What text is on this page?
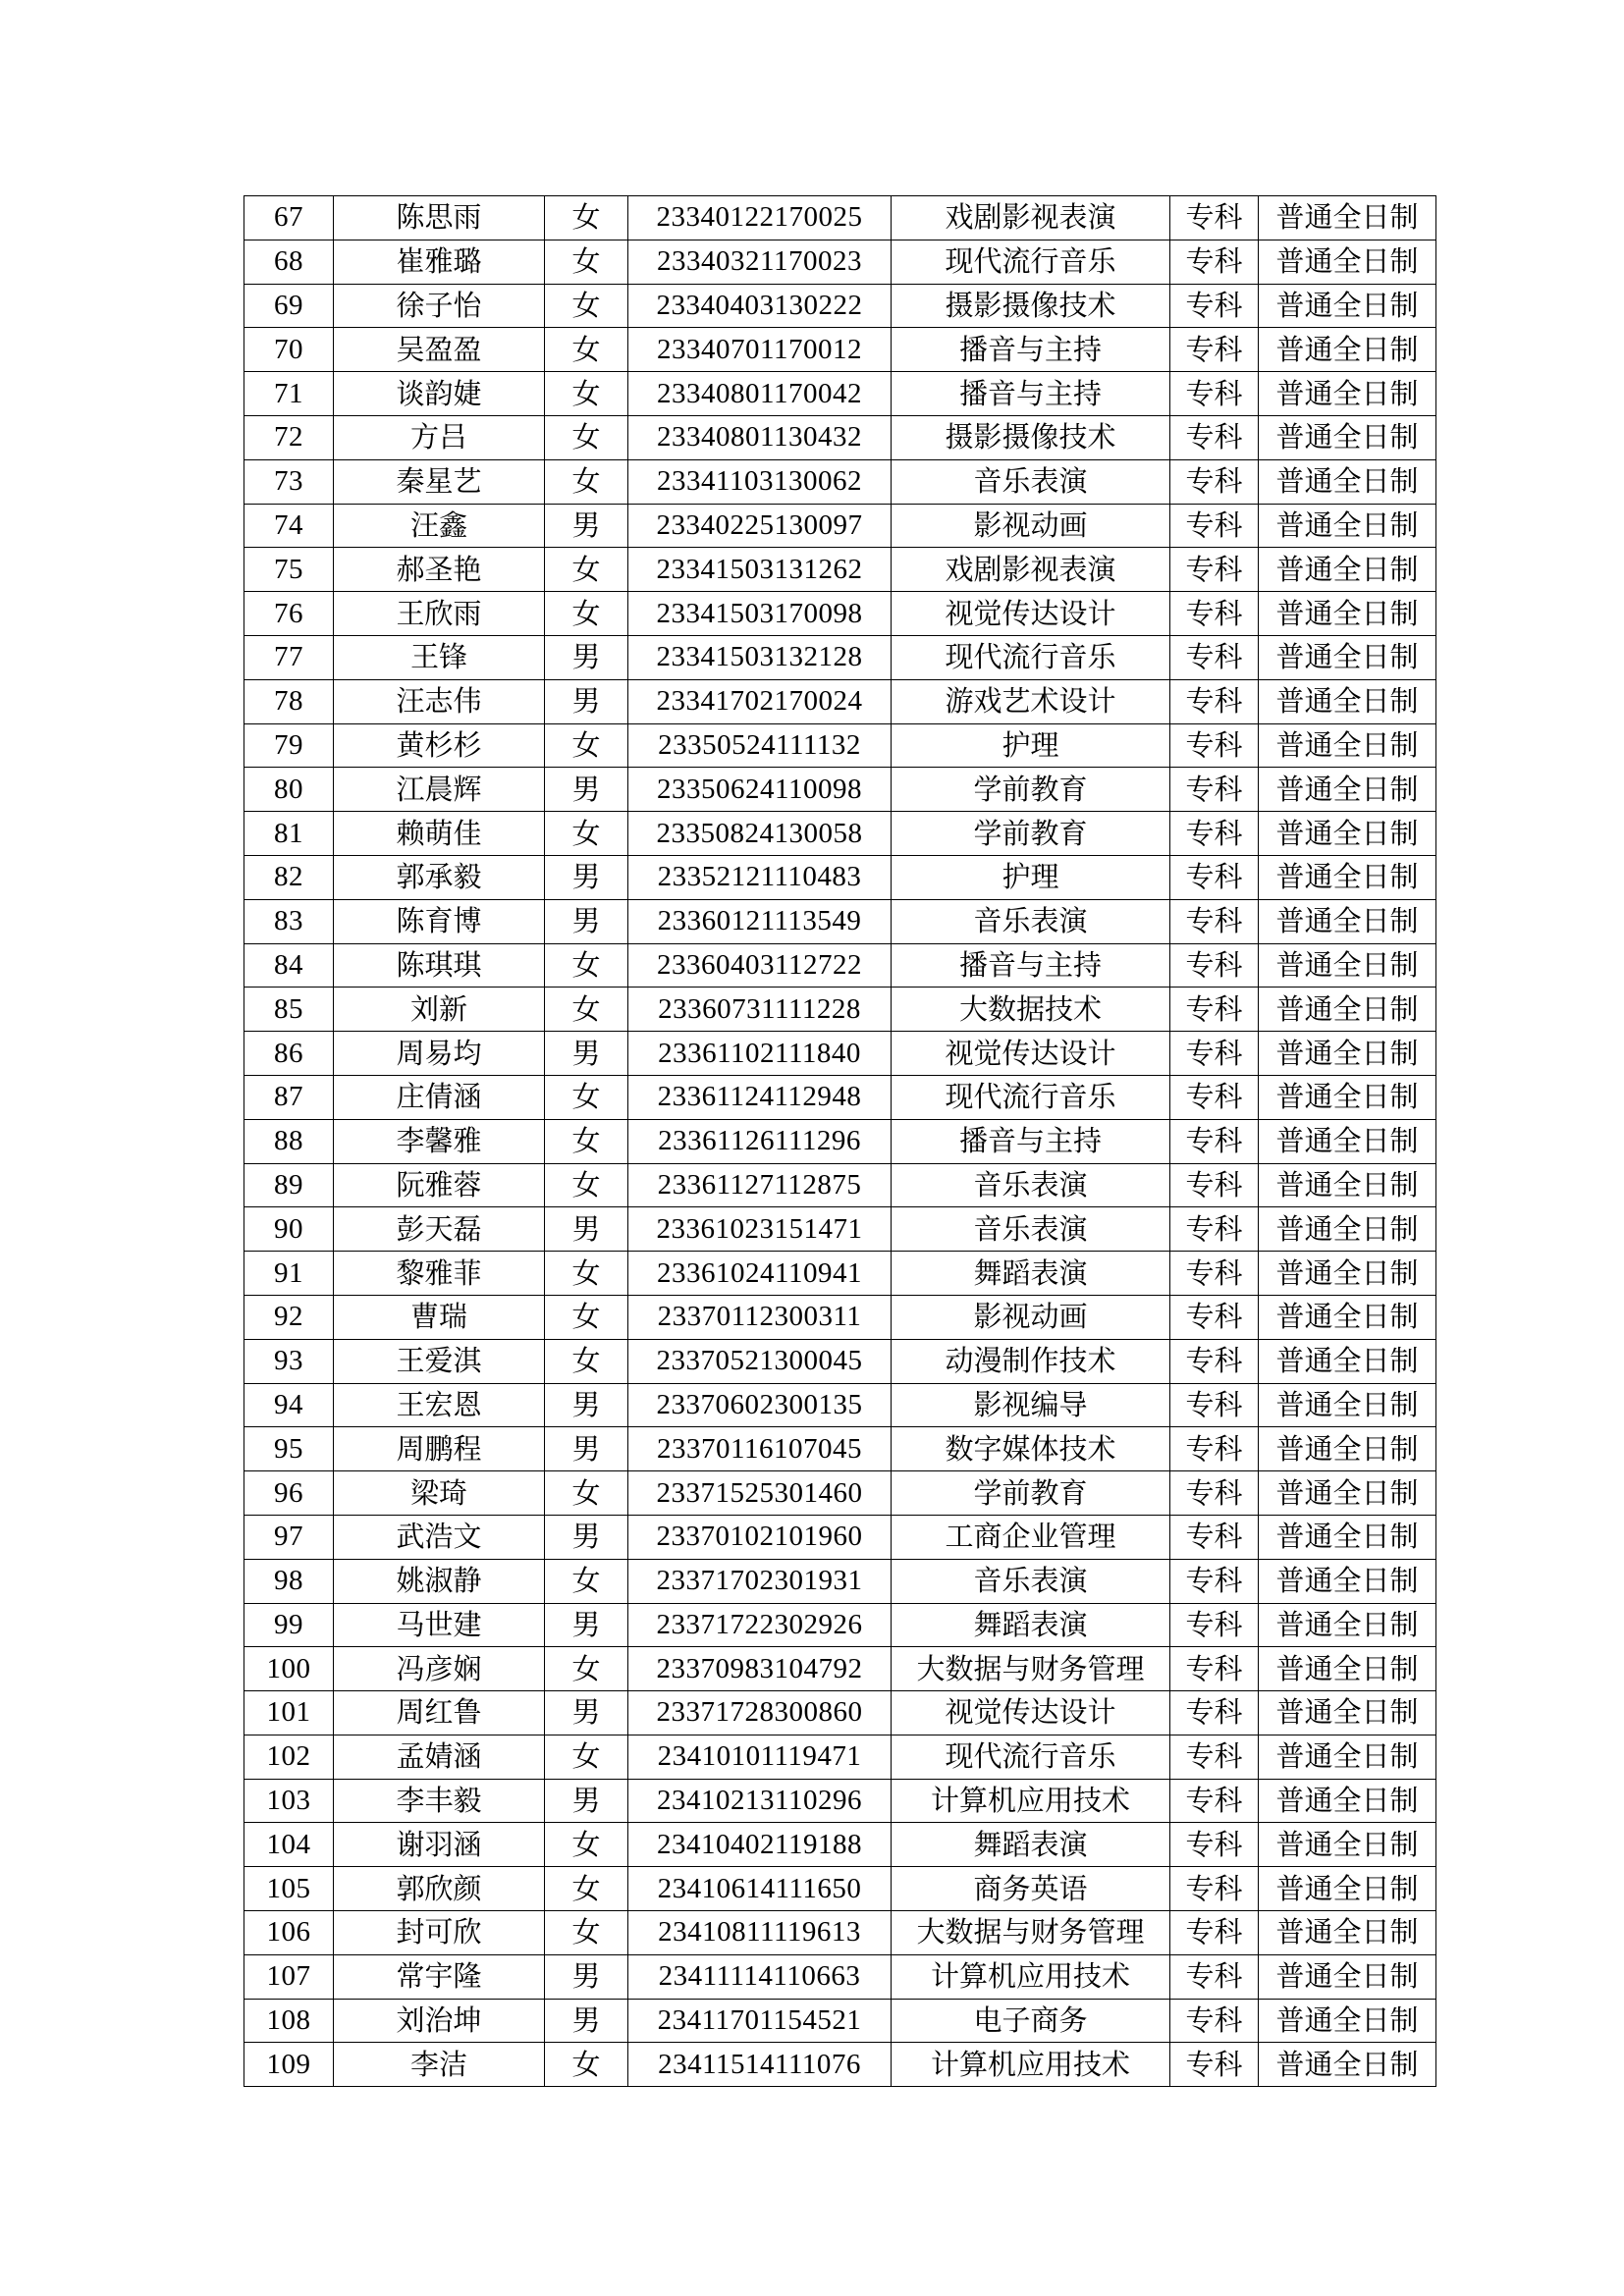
67	陈思雨	女	23340122170025	戏剧影视表演	专科	普通全日制
68	崔雅璐	女	23340321170023	现代流行音乐	专科	普通全日制
69	徐子怡	女	23340403130222	摄影摄像技术	专科	普通全日制
70	吴盈盈	女	23340701170012	播音与主持	专科	普通全日制
71	谈韵婕	女	23340801170042	播音与主持	专科	普通全日制
72	方吕	女	23340801130432	摄影摄像技术	专科	普通全日制
73	秦星艺	女	23341103130062	音乐表演	专科	普通全日制
74	汪鑫	男	23340225130097	影视动画	专科	普通全日制
75	郝圣艳	女	23341503131262	戏剧影视表演	专科	普通全日制
76	王欣雨	女	23341503170098	视觉传达设计	专科	普通全日制
77	王锋	男	23341503132128	现代流行音乐	专科	普通全日制
78	汪志伟	男	23341702170024	游戏艺术设计	专科	普通全日制
79	黄杉杉	女	23350524111132	护理	专科	普通全日制
80	江晨辉	男	23350624110098	学前教育	专科	普通全日制
81	赖萌佳	女	23350824130058	学前教育	专科	普通全日制
82	郭承毅	男	23352121110483	护理	专科	普通全日制
83	陈育博	男	23360121113549	音乐表演	专科	普通全日制
84	陈琪琪	女	23360403112722	播音与主持	专科	普通全日制
85	刘新	女	23360731111228	大数据技术	专科	普通全日制
86	周易均	男	23361102111840	视觉传达设计	专科	普通全日制
87	庄倩涵	女	23361124112948	现代流行音乐	专科	普通全日制
88	李馨雅	女	23361126111296	播音与主持	专科	普通全日制
89	阮雅蓉	女	23361127112875	音乐表演	专科	普通全日制
90	彭天磊	男	23361023151471	音乐表演	专科	普通全日制
91	黎雅菲	女	23361024110941	舞蹈表演	专科	普通全日制
92	曹瑞	女	23370112300311	影视动画	专科	普通全日制
93	王爱淇	女	23370521300045	动漫制作技术	专科	普通全日制
94	王宏恩	男	23370602300135	影视编导	专科	普通全日制
95	周鹏程	男	23370116107045	数字媒体技术	专科	普通全日制
96	梁琦	女	23371525301460	学前教育	专科	普通全日制
97	武浩文	男	23370102101960	工商企业管理	专科	普通全日制
98	姚淑静	女	23371702301931	音乐表演	专科	普通全日制
99	马世建	男	23371722302926	舞蹈表演	专科	普通全日制
100	冯彦娴	女	23370983104792	大数据与财务管理	专科	普通全日制
101	周红鲁	男	23371728300860	视觉传达设计	专科	普通全日制
102	孟婧涵	女	23410101119471	现代流行音乐	专科	普通全日制
103	李丰毅	男	23410213110296	计算机应用技术	专科	普通全日制
104	谢羽涵	女	23410402119188	舞蹈表演	专科	普通全日制
105	郭欣颜	女	23410614111650	商务英语	专科	普通全日制
106	封可欣	女	23410811119613	大数据与财务管理	专科	普通全日制
107	常宇隆	男	23411114110663	计算机应用技术	专科	普通全日制
108	刘治坤	男	23411701154521	电子商务	专科	普通全日制
109	李洁	女	23411514111076	计算机应用技术	专科	普通全日制
